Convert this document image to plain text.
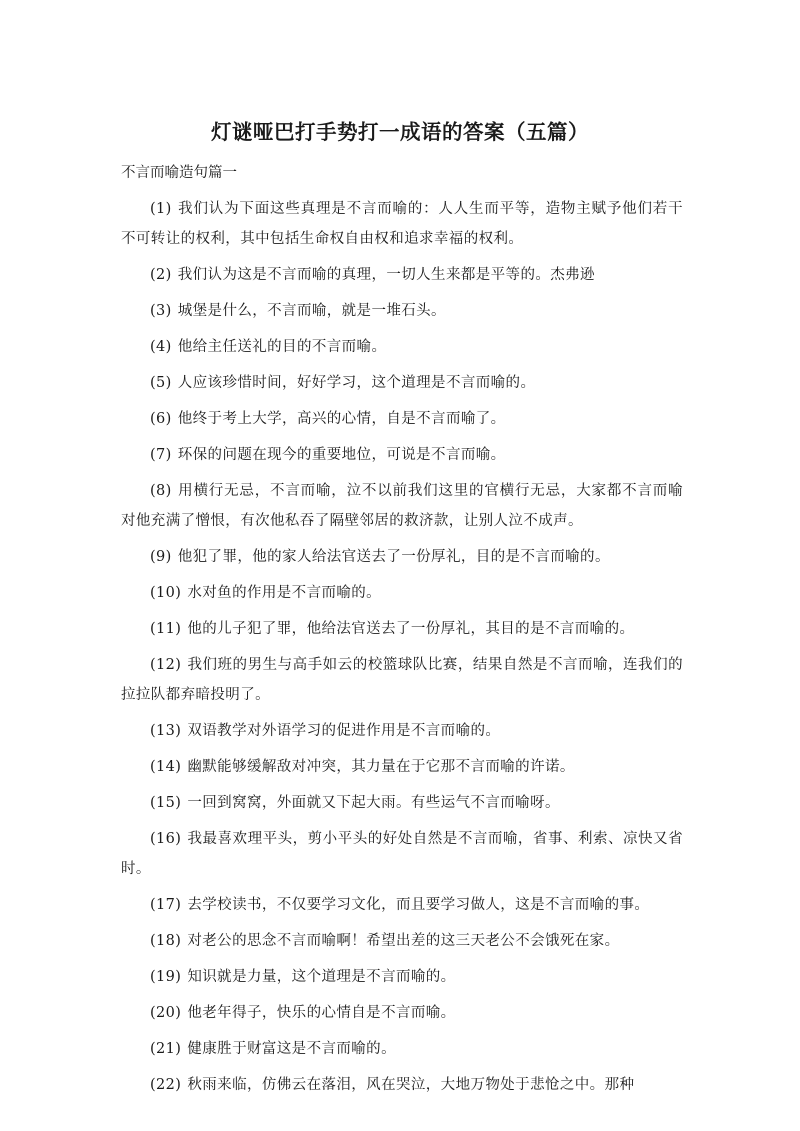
灯谜哑巴打手势打一成语的答案（五篇）

不言而喻造句篇一

(1) 我们认为下面这些真理是不言而喻的：人人生而平等，造物主赋予他们若干不可转让的权利，其中包括生命权自由权和追求幸福的权利。

(2) 我们认为这是不言而喻的真理，一切人生来都是平等的。杰弗逊

(3) 城堡是什么，不言而喻，就是一堆石头。

(4) 他给主任送礼的目的不言而喻。

(5) 人应该珍惜时间，好好学习，这个道理是不言而喻的。

(6) 他终于考上大学，高兴的心情，自是不言而喻了。

(7) 环保的问题在现今的重要地位，可说是不言而喻。

(8) 用横行无忌，不言而喻，泣不以前我们这里的官横行无忌，大家都不言而喻对他充满了憎恨，有次他私吞了隔壁邻居的救济款，让别人泣不成声。

(9) 他犯了罪，他的家人给法官送去了一份厚礼，目的是不言而喻的。

(10) 水对鱼的作用是不言而喻的。

(11) 他的儿子犯了罪，他给法官送去了一份厚礼，其目的是不言而喻的。

(12) 我们班的男生与高手如云的校篮球队比赛，结果自然是不言而喻，连我们的拉拉队都弃暗投明了。

(13) 双语教学对外语学习的促进作用是不言而喻的。

(14) 幽默能够缓解敌对冲突，其力量在于它那不言而喻的许诺。

(15) 一回到窝窝，外面就又下起大雨。有些运气不言而喻呀。

(16) 我最喜欢理平头，剪小平头的好处自然是不言而喻，省事、利索、凉快又省时。

(17) 去学校读书，不仅要学习文化，而且要学习做人，这是不言而喻的事。

(18) 对老公的思念不言而喻啊！希望出差的这三天老公不会饿死在家。

(19) 知识就是力量，这个道理是不言而喻的。

(20) 他老年得子，快乐的心情自是不言而喻。

(21) 健康胜于财富这是不言而喻的。

(22) 秋雨来临，仿佛云在落泪，风在哭泣，大地万物处于悲怆之中。那种
